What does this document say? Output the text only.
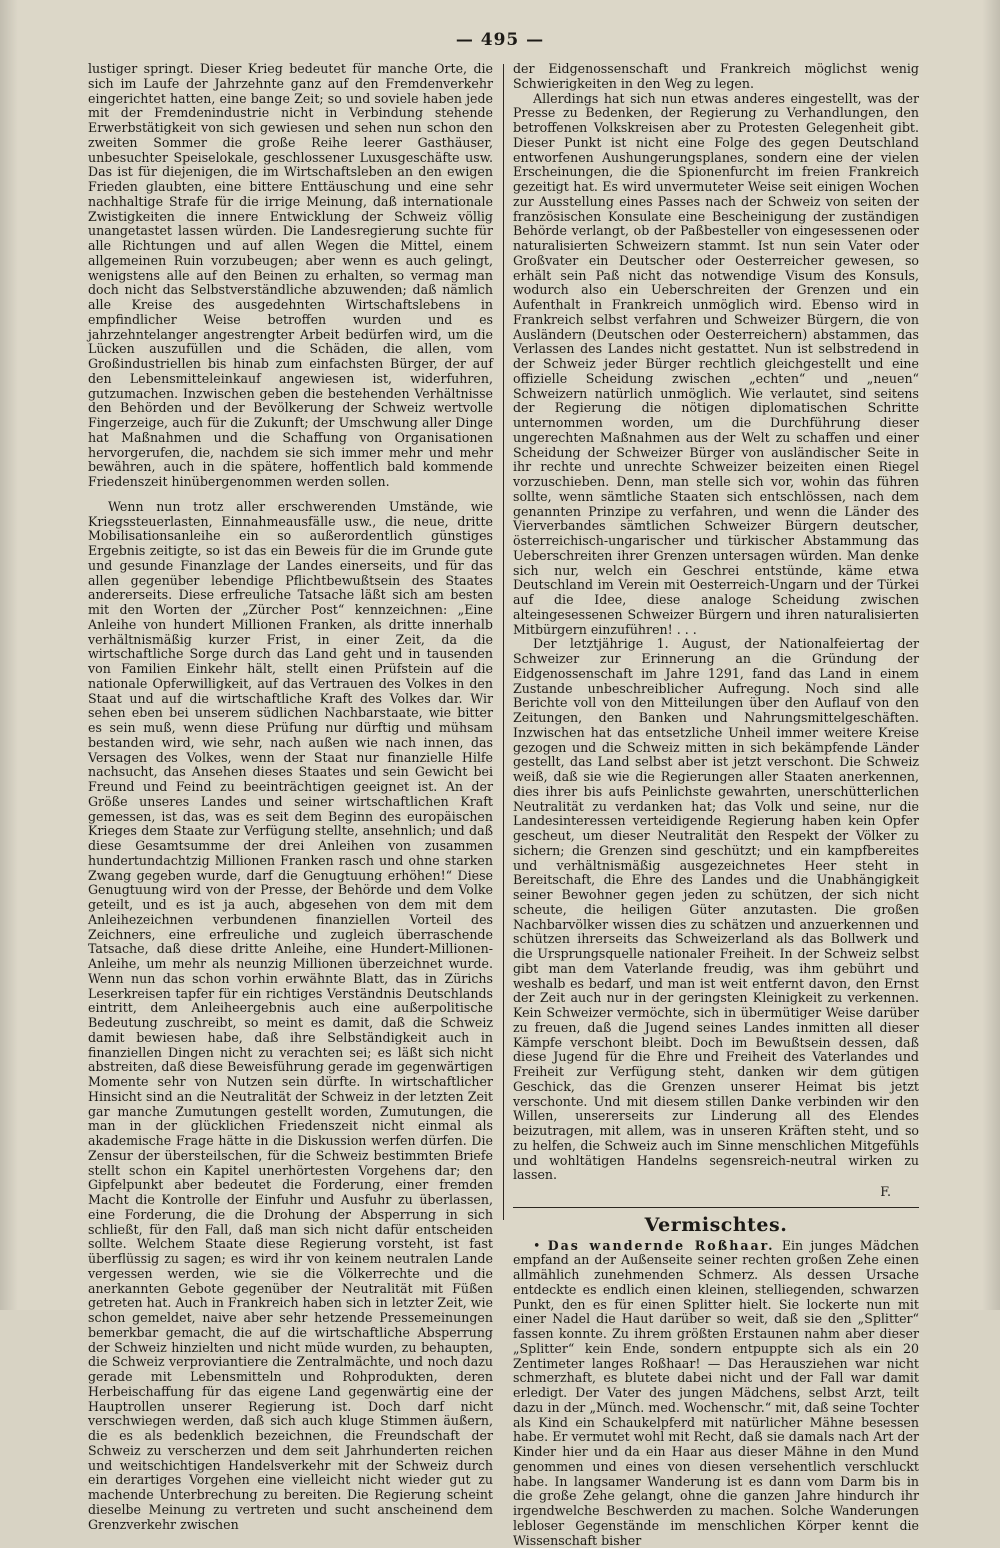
— 495 —

lustiger springt. Dieser Krieg bedeutet für manche Orte, die sich im Laufe der Jahrzehnte ganz auf den Fremdenverkehr eingerichtet hatten, eine bange Zeit; so und soviele haben jede mit der Fremdenindustrie nicht in Verbindung stehende Erwerbstätigkeit von sich gewiesen und sehen nun schon den zweiten Sommer die große Reihe leerer Gasthäuser, unbesuchter Speiselokale, geschlossener Luxusgeschäfte usw. Das ist für diejenigen, die im Wirtschaftsleben an den ewigen Frieden glaubten, eine bittere Enttäuschung und eine sehr nachhaltige Strafe für die irrige Meinung, daß internationale Zwistigkeiten die innere Entwicklung der Schweiz völlig unangetastet lassen würden. Die Landesregierung suchte für alle Richtungen und auf allen Wegen die Mittel, einem allgemeinen Ruin vorzubeugen; aber wenn es auch gelingt, wenigstens alle auf den Beinen zu erhalten, so vermag man doch nicht das Selbstverständliche abzuwenden; daß nämlich alle Kreise des ausgedehnten Wirtschaftslebens in empfindlicher Weise betroffen wurden und es jahrzehntelanger angestrengter Arbeit bedürfen wird, um die Lücken auszufüllen und die Schäden, die allen, vom Großindustriellen bis hinab zum einfachsten Bürger, der auf den Lebensmitteleinkauf angewiesen ist, widerfuhren, gutzumachen. Inzwischen geben die bestehenden Verhältnisse den Behörden und der Bevölkerung der Schweiz wertvolle Fingerzeige, auch für die Zukunft; der Umschwung aller Dinge hat Maßnahmen und die Schaffung von Organisationen hervorgerufen, die, nachdem sie sich immer mehr und mehr bewähren, auch in die spätere, hoffentlich bald kommende Friedenszeit hinübergenommen werden sollen.

Wenn nun trotz aller erschwerenden Umstände, wie Kriegssteuerlasten, Einnahmeausfälle usw., die neue, dritte Mobilisationsanleihe ein so außerordentlich günstiges Ergebnis zeitigte, so ist das ein Beweis für die im Grunde gute und gesunde Finanzlage der Landes einerseits, und für das allen gegenüber lebendige Pflichtbewußtsein des Staates andererseits. Diese erfreuliche Tatsache läßt sich am besten mit den Worten der „Zürcher Post“ kennzeichnen: „Eine Anleihe von hundert Millionen Franken, als dritte innerhalb verhältnismäßig kurzer Frist, in einer Zeit, da die wirtschaftliche Sorge durch das Land geht und in tausenden von Familien Einkehr hält, stellt einen Prüfstein auf die nationale Opferwilligkeit, auf das Vertrauen des Volkes in den Staat und auf die wirtschaftliche Kraft des Volkes dar. Wir sehen eben bei unserem südlichen Nachbarstaate, wie bitter es sein muß, wenn diese Prüfung nur dürftig und mühsam bestanden wird, wie sehr, nach außen wie nach innen, das Versagen des Volkes, wenn der Staat nur finanzielle Hilfe nachsucht, das Ansehen dieses Staates und sein Gewicht bei Freund und Feind zu beeinträchtigen geeignet ist. An der Größe unseres Landes und seiner wirtschaftlichen Kraft gemessen, ist das, was es seit dem Beginn des europäischen Krieges dem Staate zur Verfügung stellte, ansehnlich; und daß diese Gesamtsumme der drei Anleihen von zusammen hundertundachtzig Millionen Franken rasch und ohne starken Zwang gegeben wurde, darf die Genugtuung erhöhen!“ Diese Genugtuung wird von der Presse, der Behörde und dem Volke geteilt, und es ist ja auch, abgesehen von dem mit dem Anleihezeichnen verbundenen finanziellen Vorteil des Zeichners, eine erfreuliche und zugleich überraschende Tatsache, daß diese dritte Anleihe, eine Hundert-Millionen-Anleihe, um mehr als neunzig Millionen überzeichnet wurde. Wenn nun das schon vorhin erwähnte Blatt, das in Zürichs Leserkreisen tapfer für ein richtiges Verständnis Deutschlands eintritt, dem Anleiheergebnis auch eine außerpolitische Bedeutung zuschreibt, so meint es damit, daß die Schweiz damit bewiesen habe, daß ihre Selbständigkeit auch in finanziellen Dingen nicht zu verachten sei; es läßt sich nicht abstreiten, daß diese Beweisführung gerade im gegenwärtigen Momente sehr von Nutzen sein dürfte. In wirtschaftlicher Hinsicht sind an die Neutralität der Schweiz in der letzten Zeit gar manche Zumutungen gestellt worden, Zumutungen, die man in der glücklichen Friedenszeit nicht einmal als akademische Frage hätte in die Diskussion werfen dürfen. Die Zensur der übersteilschen, für die Schweiz bestimmten Briefe stellt schon ein Kapitel unerhörtesten Vorgehens dar; den Gipfelpunkt aber bedeutet die Forderung, einer fremden Macht die Kontrolle der Einfuhr und Ausfuhr zu überlassen, eine Forderung, die die Drohung der Absperrung in sich schließt, für den Fall, daß man sich nicht dafür entscheiden sollte. Welchem Staate diese Regierung vorsteht, ist fast überflüssig zu sagen; es wird ihr von keinem neutralen Lande vergessen werden, wie sie die Völkerrechte und die anerkannten Gebote gegenüber der Neutralität mit Füßen getreten hat. Auch in Frankreich haben sich in letzter Zeit, wie schon gemeldet, naive aber sehr hetzende Pressemeinungen bemerkbar gemacht, die auf die wirtschaftliche Absperrung der Schweiz hinzielten und nicht müde wurden, zu behaupten, die Schweiz verproviantiere die Zentralmächte, und noch dazu gerade mit Lebensmitteln und Rohprodukten, deren Herbeischaffung für das eigene Land gegenwärtig eine der Hauptrollen unserer Regierung ist. Doch darf nicht verschwiegen werden, daß sich auch kluge Stimmen äußern, die es als bedenklich bezeichnen, die Freundschaft der Schweiz zu verscherzen und dem seit Jahrhunderten reichen und weitschichtigen Handelsverkehr mit der Schweiz durch ein derartiges Vorgehen eine vielleicht nicht wieder gut zu machende Unterbrechung zu bereiten. Die Regierung scheint dieselbe Meinung zu vertreten und sucht anscheinend dem Grenzverkehr zwischen

der Eidgenossenschaft und Frankreich möglichst wenig Schwierigkeiten in den Weg zu legen.

Allerdings hat sich nun etwas anderes eingestellt, was der Presse zu Bedenken, der Regierung zu Verhandlungen, den betroffenen Volkskreisen aber zu Protesten Gelegenheit gibt. Dieser Punkt ist nicht eine Folge des gegen Deutschland entworfenen Aushungerungsplanes, sondern eine der vielen Erscheinungen, die die Spionenfurcht im freien Frankreich gezeitigt hat. Es wird unvermuteter Weise seit einigen Wochen zur Ausstellung eines Passes nach der Schweiz von seiten der französischen Konsulate eine Bescheinigung der zuständigen Behörde verlangt, ob der Paßbesteller von eingesessenen oder naturalisierten Schweizern stammt. Ist nun sein Vater oder Großvater ein Deutscher oder Oesterreicher gewesen, so erhält sein Paß nicht das notwendige Visum des Konsuls, wodurch also ein Ueberschreiten der Grenzen und ein Aufenthalt in Frankreich unmöglich wird. Ebenso wird in Frankreich selbst verfahren und Schweizer Bürgern, die von Ausländern (Deutschen oder Oesterreichern) abstammen, das Verlassen des Landes nicht gestattet. Nun ist selbstredend in der Schweiz jeder Bürger rechtlich gleichgestellt und eine offizielle Scheidung zwischen „echten“ und „neuen“ Schweizern natürlich unmöglich. Wie verlautet, sind seitens der Regierung die nötigen diplomatischen Schritte unternommen worden, um die Durchführung dieser ungerechten Maßnahmen aus der Welt zu schaffen und einer Scheidung der Schweizer Bürger von ausländischer Seite in ihr rechte und unrechte Schweizer beizeiten einen Riegel vorzuschieben. Denn, man stelle sich vor, wohin das führen sollte, wenn sämtliche Staaten sich entschlössen, nach dem genannten Prinzipe zu verfahren, und wenn die Länder des Vierverbandes sämtlichen Schweizer Bürgern deutscher, österreichisch-ungarischer und türkischer Abstammung das Ueberschreiten ihrer Grenzen untersagen würden. Man denke sich nur, welch ein Geschrei entstünde, käme etwa Deutschland im Verein mit Oesterreich-Ungarn und der Türkei auf die Idee, diese analoge Scheidung zwischen alteingesessenen Schweizer Bürgern und ihren naturalisierten Mitbürgern einzuführen! . . .

Der letztjährige 1. August, der Nationalfeiertag der Schweizer zur Erinnerung an die Gründung der Eidgenossenschaft im Jahre 1291, fand das Land in einem Zustande unbeschreiblicher Aufregung. Noch sind alle Berichte voll von den Mitteilungen über den Auflauf von den Zeitungen, den Banken und Nahrungsmittelgeschäften. Inzwischen hat das entsetzliche Unheil immer weitere Kreise gezogen und die Schweiz mitten in sich bekämpfende Länder gestellt, das Land selbst aber ist jetzt verschont. Die Schweiz weiß, daß sie wie die Regierungen aller Staaten anerkennen, dies ihrer bis aufs Peinlichste gewahrten, unerschütterlichen Neutralität zu verdanken hat; das Volk und seine, nur die Landesinteressen verteidigende Regierung haben kein Opfer gescheut, um dieser Neutralität den Respekt der Völker zu sichern; die Grenzen sind geschützt; und ein kampfbereites und verhältnismäßig ausgezeichnetes Heer steht in Bereitschaft, die Ehre des Landes und die Unabhängigkeit seiner Bewohner gegen jeden zu schützen, der sich nicht scheute, die heiligen Güter anzutasten. Die großen Nachbarvölker wissen dies zu schätzen und anzuerkennen und schützen ihrerseits das Schweizerland als das Bollwerk und die Ursprungsquelle nationaler Freiheit. In der Schweiz selbst gibt man dem Vaterlande freudig, was ihm gebührt und weshalb es bedarf, und man ist weit entfernt davon, den Ernst der Zeit auch nur in der geringsten Kleinigkeit zu verkennen. Kein Schweizer vermöchte, sich in übermütiger Weise darüber zu freuen, daß die Jugend seines Landes inmitten all dieser Kämpfe verschont bleibt. Doch im Bewußtsein dessen, daß diese Jugend für die Ehre und Freiheit des Vaterlandes und Freiheit zur Verfügung steht, danken wir dem gütigen Geschick, das die Grenzen unserer Heimat bis jetzt verschonte. Und mit diesem stillen Danke verbinden wir den Willen, unsererseits zur Linderung all des Elendes beizutragen, mit allem, was in unseren Kräften steht, und so zu helfen, die Schweiz auch im Sinne menschlichen Mitgefühls und wohltätigen Handelns segensreich-neutral wirken zu lassen.

F.
Vermischtes.

• Das wandernde Roßhaar. Ein junges Mädchen empfand an der Außenseite seiner rechten großen Zehe einen allmählich zunehmenden Schmerz. Als dessen Ursache entdeckte es endlich einen kleinen, stelliegenden, schwarzen Punkt, den es für einen Splitter hielt. Sie lockerte nun mit einer Nadel die Haut darüber so weit, daß sie den „Splitter“ fassen konnte. Zu ihrem größten Erstaunen nahm aber dieser „Splitter“ kein Ende, sondern entpuppte sich als ein 20 Zentimeter langes Roßhaar! — Das Herausziehen war nicht schmerzhaft, es blutete dabei nicht und der Fall war damit erledigt. Der Vater des jungen Mädchens, selbst Arzt, teilt dazu in der „Münch. med. Wochenschr.“ mit, daß seine Tochter als Kind ein Schaukelpferd mit natürlicher Mähne besessen habe. Er vermutet wohl mit Recht, daß sie damals nach Art der Kinder hier und da ein Haar aus dieser Mähne in den Mund genommen und eines von diesen versehentlich verschluckt habe. In langsamer Wanderung ist es dann vom Darm bis in die große Zehe gelangt, ohne die ganzen Jahre hindurch ihr irgendwelche Beschwerden zu machen. Solche Wanderungen lebloser Gegenstände im menschlichen Körper kennt die Wissenschaft bisher
